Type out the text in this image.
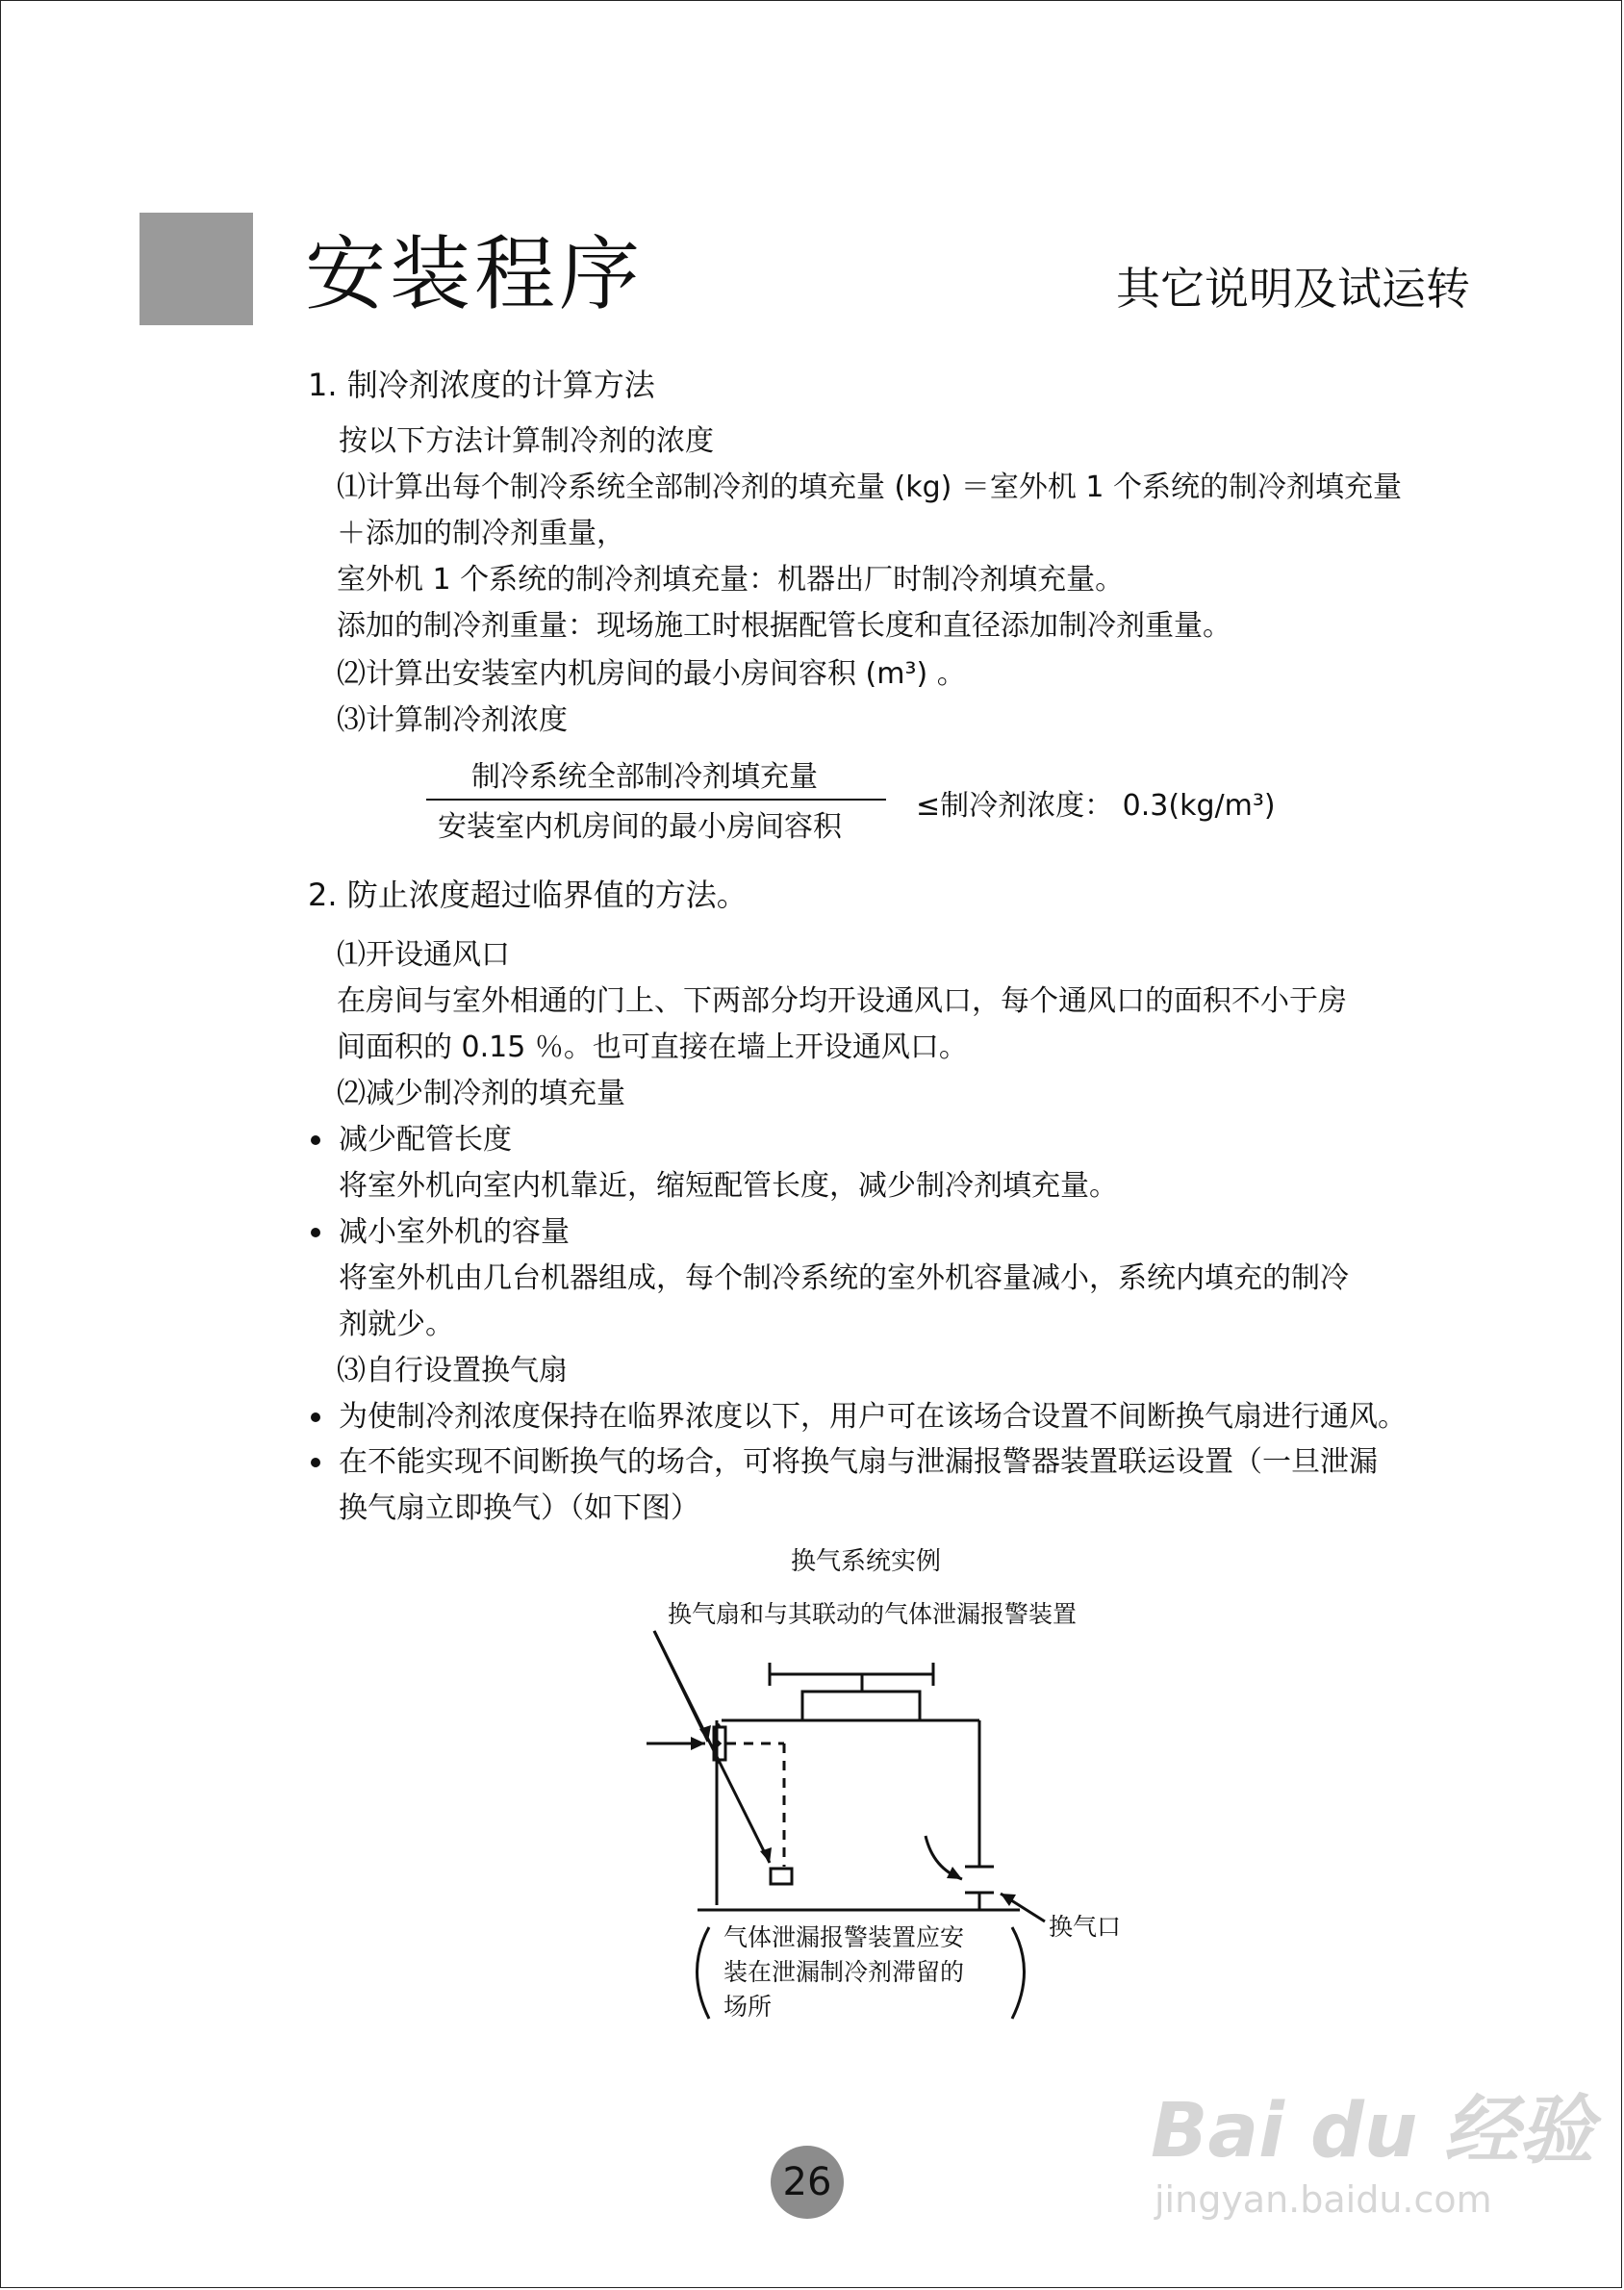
安装程序	其它说明及试运转
1. 制冷剂浓度的计算方法
按以下方法计算制冷剂的浓度
⑴计算出每个制冷系统全部制冷剂的填充量 (kg) ＝室外机 1 个系统的制冷剂填充量
＋添加的制冷剂重量，
室外机 1 个系统的制冷剂填充量：机器出厂时制冷剂填充量。
添加的制冷剂重量：现场施工时根据配管长度和直径添加制冷剂重量。
⑵计算出安装室内机房间的最小房间容积 (m³) 。
⑶计算制冷剂浓度
制冷系统全部制冷剂填充量
安装室内机房间的最小房间容积
≤制冷剂浓度： 0.3(kg/m³)
2. 防止浓度超过临界值的方法。
⑴开设通风口
在房间与室外相通的门上、下两部分均开设通风口，每个通风口的面积不小于房
间面积的 0.15 ％。也可直接在墙上开设通风口。
⑵减少制冷剂的填充量
减少配管长度
将室外机向室内机靠近，缩短配管长度，减少制冷剂填充量。
减小室外机的容量
将室外机由几台机器组成，每个制冷系统的室外机容量减小，系统内填充的制冷
剂就少。
⑶自行设置换气扇
为使制冷剂浓度保持在临界浓度以下，用户可在该场合设置不间断换气扇进行通风。
在不能实现不间断换气的场合，可将换气扇与泄漏报警器装置联运设置（一旦泄漏
换气扇立即换气）（如下图）
换气系统实例
换气扇和与其联动的气体泄漏报警装置
换气口
气体泄漏报警装置应安
装在泄漏制冷剂滞留的
场所
26
Bai du 经验
jingyan.baidu.com
